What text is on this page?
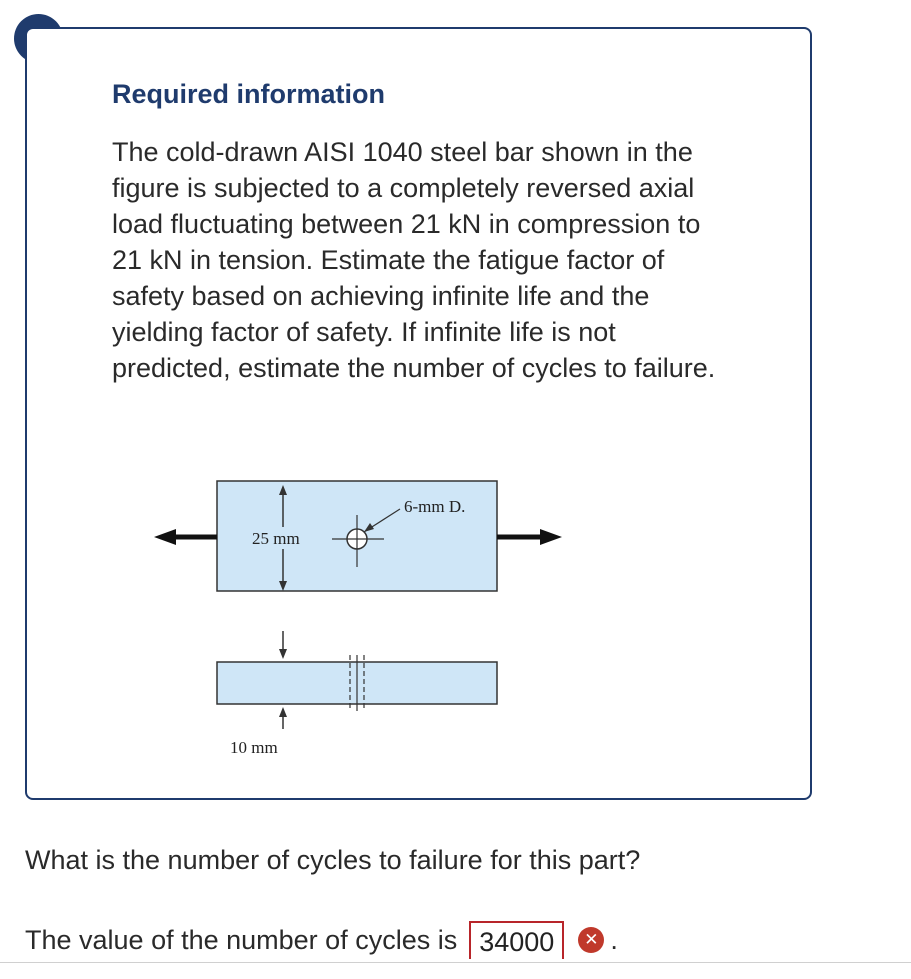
Required information

The cold-drawn AISI 1040 steel bar shown in the figure is subjected to a completely reversed axial load fluctuating between 21 kN in compression to 21 kN in tension. Estimate the fatigue factor of safety based on achieving infinite life and the yielding factor of safety. If infinite life is not predicted, estimate the number of cycles to failure.

25 mm
6-mm D.
10 mm

What is the number of cycles to failure for this part?

The value of the number of cycles is 34000	✕ .
